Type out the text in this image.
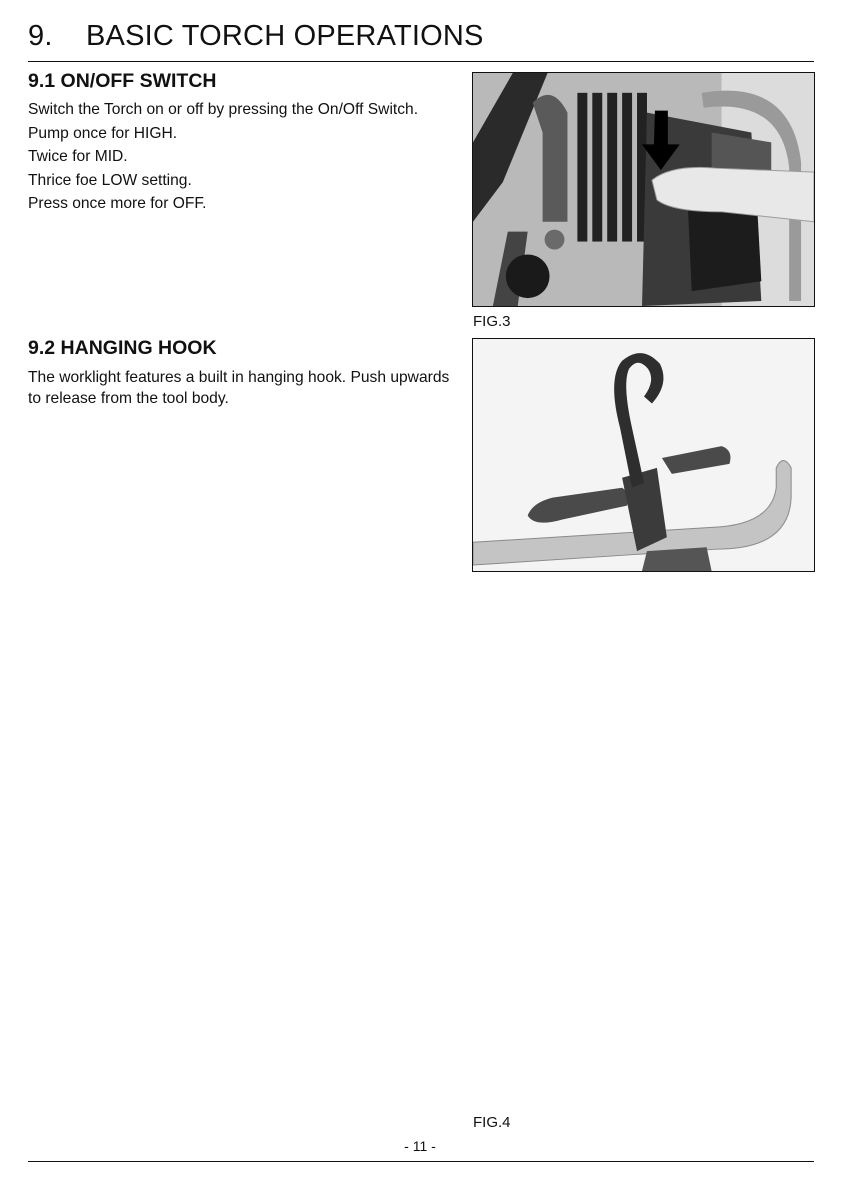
9. BASIC TORCH OPERATIONS
9.1 ON/OFF SWITCH

Switch the Torch on or off by pressing the On/Off Switch.

Pump once for HIGH.

Twice for MID.

Thrice foe LOW setting.

Press once more for OFF.

9.2 HANGING HOOK

The worklight features a built in hanging hook. Push upwards to release from the tool body.

FIG.3

FIG.4

- 11 -
